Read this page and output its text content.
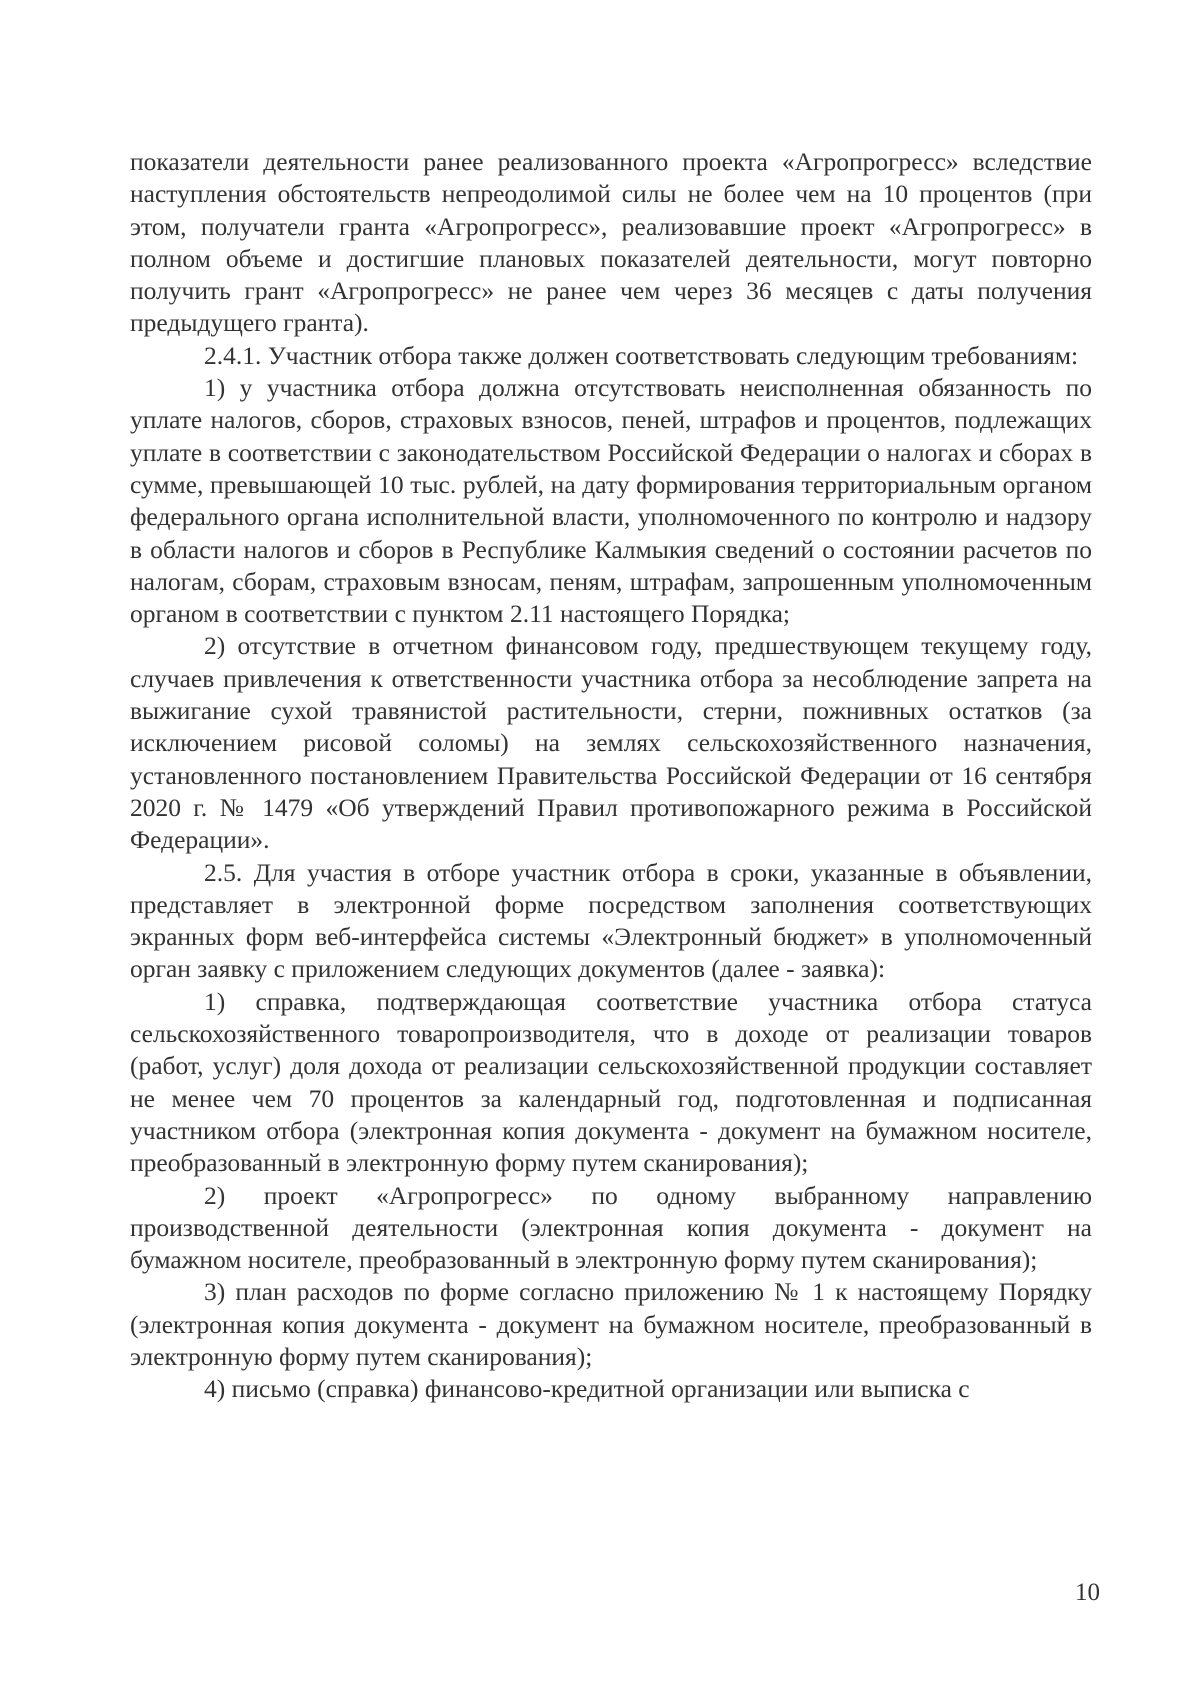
показатели деятельности ранее реализованного проекта «Агропрогресс» вследствие наступления обстоятельств непреодолимой силы не более чем на 10 процентов (при этом, получатели гранта «Агропрогресс», реализовавшие проект «Агропрогресс» в полном объеме и достигшие плановых показателей деятельности, могут повторно получить грант «Агропрогресс» не ранее чем через 36 месяцев с даты получения предыдущего гранта).

2.4.1. Участник отбора также должен соответствовать следующим требованиям:

1) у участника отбора должна отсутствовать неисполненная обязанность по уплате налогов, сборов, страховых взносов, пеней, штрафов и процентов, подлежащих уплате в соответствии с законодательством Российской Федерации о налогах и сборах в сумме, превышающей 10 тыс. рублей, на дату формирования территориальным органом федерального органа исполнительной власти, уполномоченного по контролю и надзору в области налогов и сборов в Республике Калмыкия сведений о состоянии расчетов по налогам, сборам, страховым взносам, пеням, штрафам, запрошенным уполномоченным органом в соответствии с пунктом 2.11 настоящего Порядка;

2) отсутствие в отчетном финансовом году, предшествующем текущему году, случаев привлечения к ответственности участника отбора за несоблюдение запрета на выжигание сухой травянистой растительности, стерни, пожнивных остатков (за исключением рисовой соломы) на землях сельскохозяйственного назначения, установленного постановлением Правительства Российской Федерации от 16 сентября 2020 г. № 1479 «Об утверждений Правил противопожарного режима в Российской Федерации».

2.5. Для участия в отборе участник отбора в сроки, указанные в объявлении, представляет в электронной форме посредством заполнения соответствующих экранных форм веб-интерфейса системы «Электронный бюджет» в уполномоченный орган заявку с приложением следующих документов (далее - заявка):

1) справка, подтверждающая соответствие участника отбора статуса сельскохозяйственного товаропроизводителя, что в доходе от реализации товаров (работ, услуг) доля дохода от реализации сельскохозяйственной продукции составляет не менее чем 70 процентов за календарный год, подготовленная и подписанная участником отбора (электронная копия документа - документ на бумажном носителе, преобразованный в электронную форму путем сканирования);

2) проект «Агропрогресс» по одному выбранному направлению производственной деятельности (электронная копия документа - документ на бумажном носителе, преобразованный в электронную форму путем сканирования);

3) план расходов по форме согласно приложению № 1 к настоящему Порядку (электронная копия документа - документ на бумажном носителе, преобразованный в электронную форму путем сканирования);

4) письмо (справка) финансово-кредитной организации или выписка с

10
